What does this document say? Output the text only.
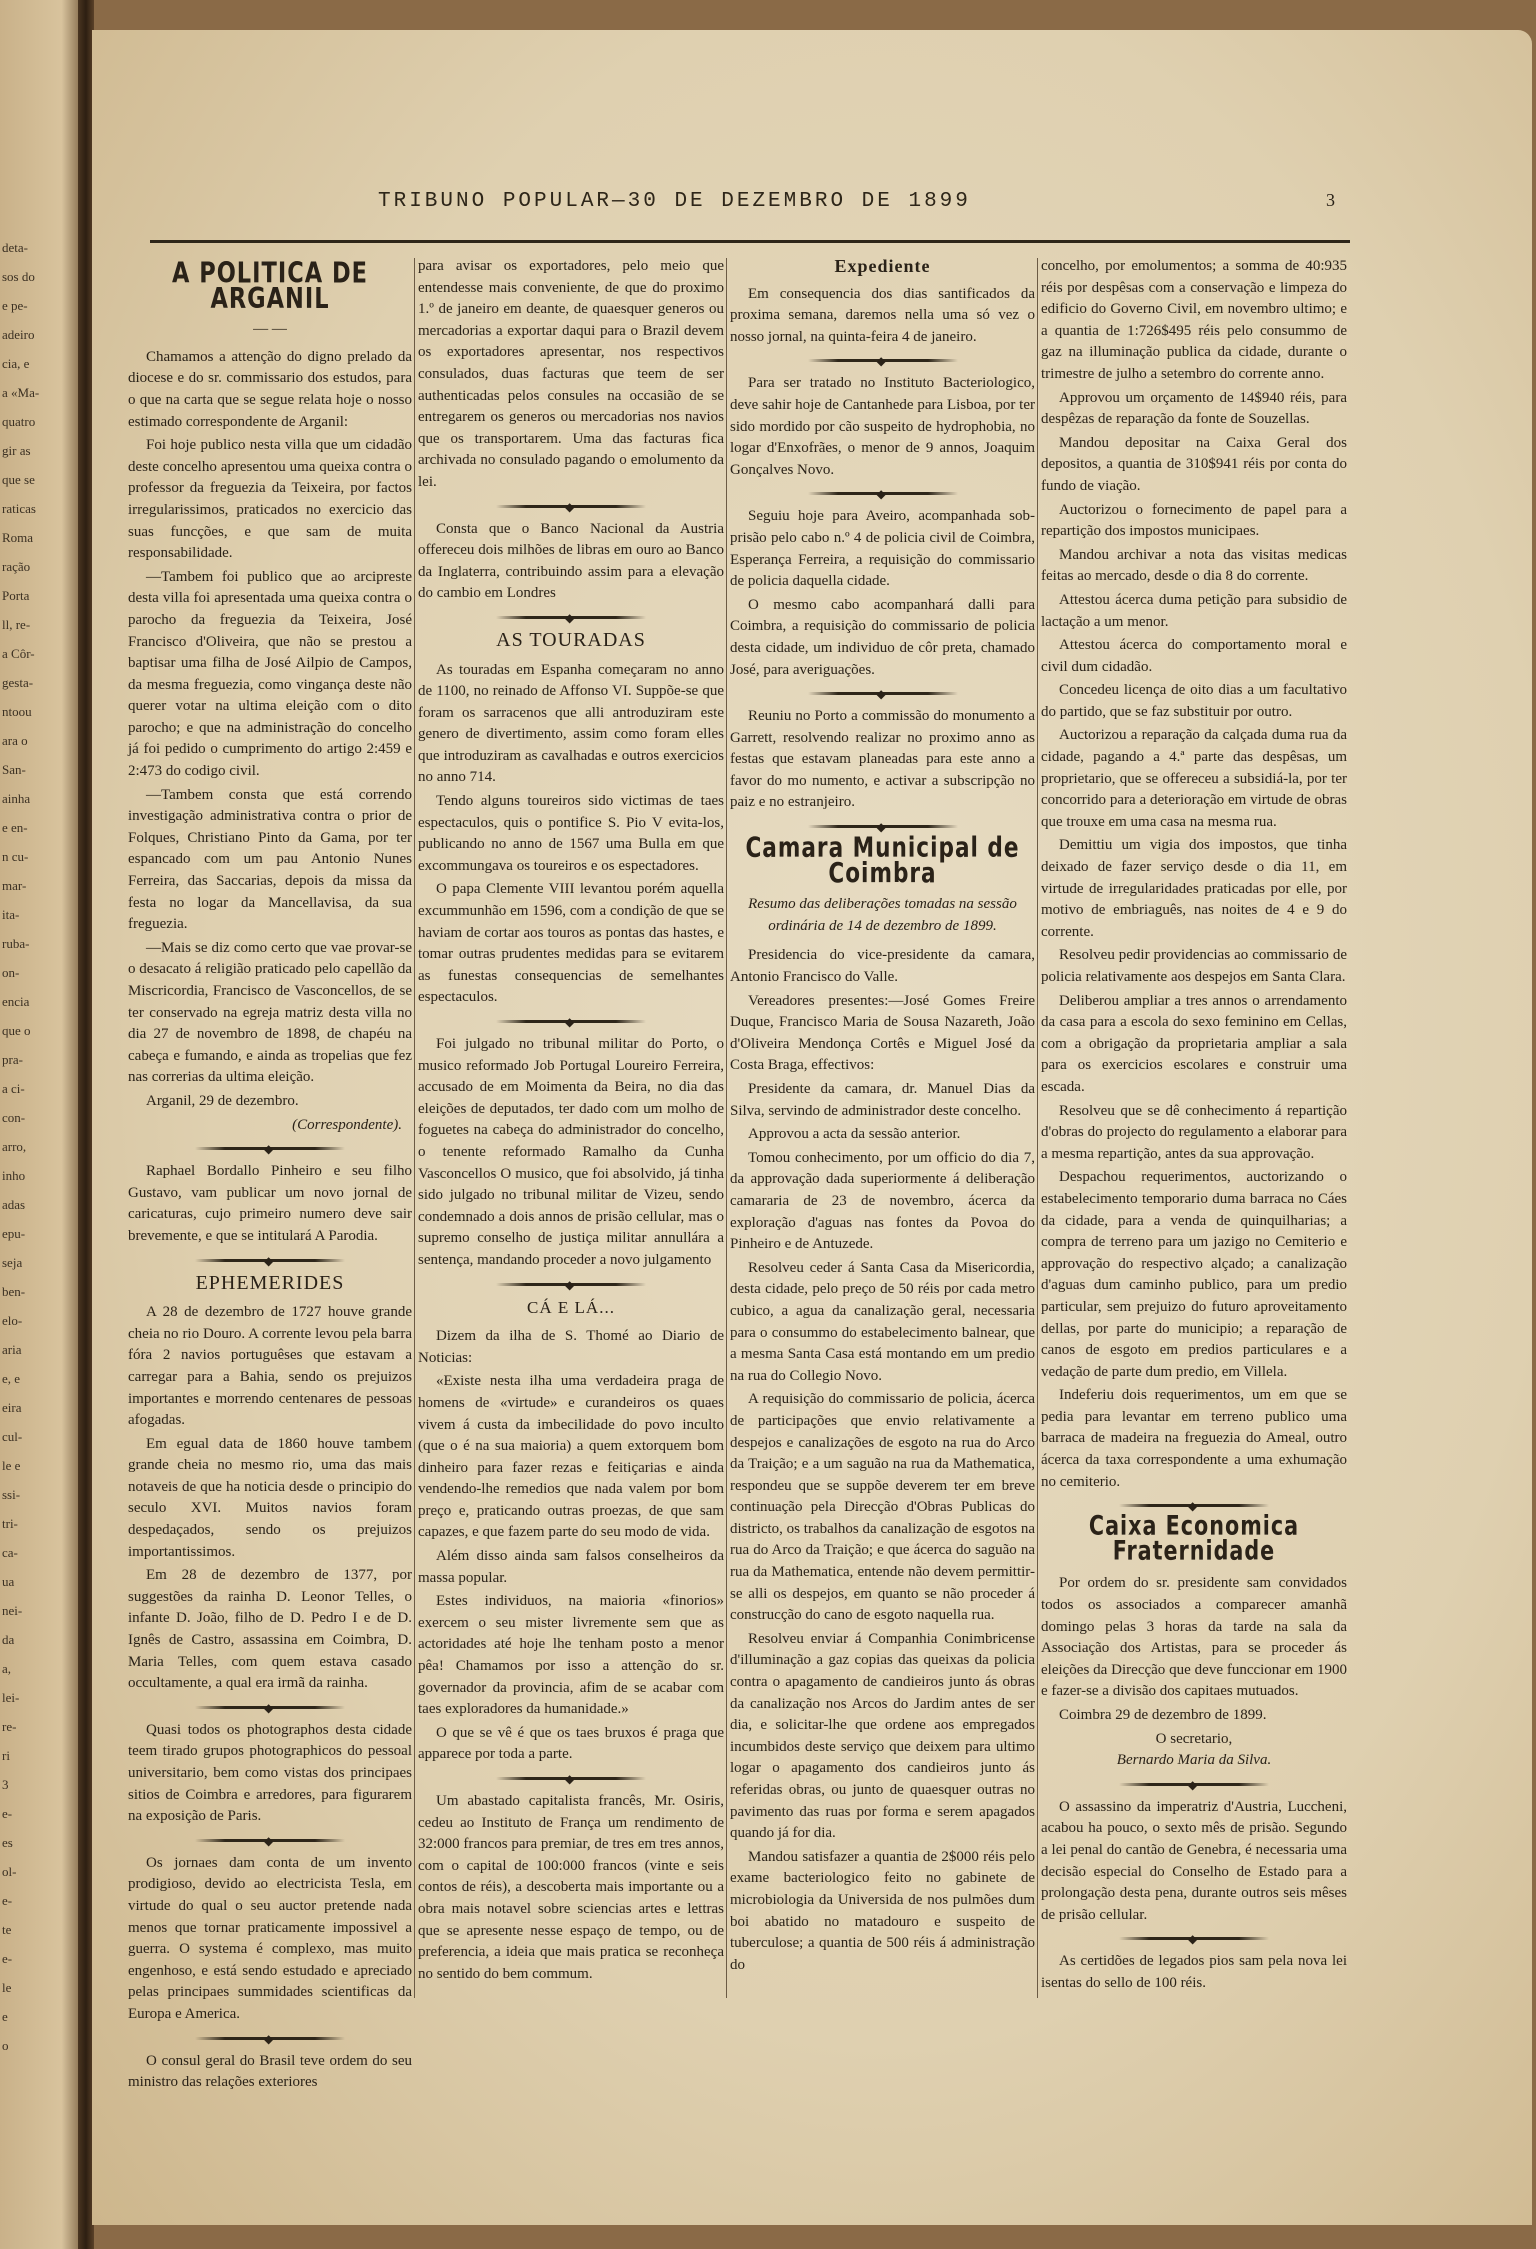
deta-
sos do
e pe-
adeiro
cia, e
a «Ma-
quatro
gir as
que se
raticas
Roma
ração
Porta
ll, re-
a Côr-
gesta-
ntoou
ara o
San-
ainha
e en-
n cu-
mar-
ita-
ruba-
on-
encia
que o
pra-
a ci-
con-
arro,
inho
adas
epu-
seja
ben-
elo-
aria
e, e
eira
cul-
le e
ssi-
tri-
ca-
ua
nei-
da
a,
lei-
re-
ri
3
e-
es
ol-
e-
te
e-
le
e
o
TRIBUNO POPULAR—30 DE DEZEMBRO DE 1899	3
A POLITICA DE ARGANIL
— —

Chamamos a attenção do digno prelado da diocese e do sr. commissario dos estudos, para o que na carta que se segue relata hoje o nosso estimado correspondente de Arganil:

Foi hoje publico nesta villa que um cidadão deste concelho apresentou uma queixa contra o professor da freguezia da Teixeira, por factos irregularissimos, praticados no exercicio das suas funcções, e que sam de muita responsabilidade.

—Tambem foi publico que ao arcipreste desta villa foi apresentada uma queixa contra o parocho da freguezia da Teixeira, José Francisco d'Oliveira, que não se prestou a baptisar uma filha de José Ailpio de Campos, da mesma freguezia, como vingança deste não querer votar na ultima eleição com o dito parocho; e que na administração do concelho já foi pedido o cumprimento do artigo 2:459 e 2:473 do codigo civil.

—Tambem consta que está correndo investigação administrativa contra o prior de Folques, Christiano Pinto da Gama, por ter espancado com um pau Antonio Nunes Ferreira, das Saccarias, depois da missa da festa no logar da Mancellavisa, da sua freguezia.

—Mais se diz como certo que vae provar-se o desacato á religião praticado pelo capellão da Miscricordia, Francisco de Vasconcellos, de se ter conservado na egreja matriz desta villa no dia 27 de novembro de 1898, de chapéu na cabeça e fumando, e ainda as tropelias que fez nas correrias da ultima eleição.

Arganil, 29 de dezembro.

(Correspondente).
◆

Raphael Bordallo Pinheiro e seu filho Gustavo, vam publicar um novo jornal de caricaturas, cujo primeiro numero deve sair brevemente, e que se intitulará A Parodia.

◆
EPHEMERIDES

A 28 de dezembro de 1727 houve grande cheia no rio Douro. A corrente levou pela barra fóra 2 navios portuguêses que estavam a carregar para a Bahia, sendo os prejuizos importantes e morrendo centenares de pessoas afogadas.

Em egual data de 1860 houve tambem grande cheia no mesmo rio, uma das mais notaveis de que ha noticia desde o principio do seculo XVI. Muitos navios foram despedaçados, sendo os prejuizos importantissimos.

Em 28 de dezembro de 1377, por suggestões da rainha D. Leonor Telles, o infante D. João, filho de D. Pedro I e de D. Ignês de Castro, assassina em Coimbra, D. Maria Telles, com quem estava casado occultamente, a qual era irmã da rainha.

◆

Quasi todos os photographos desta cidade teem tirado grupos photographicos do pessoal universitario, bem como vistas dos principaes sitios de Coimbra e arredores, para figurarem na exposição de Paris.

◆

Os jornaes dam conta de um invento prodigioso, devido ao electricista Tesla, em virtude do qual o seu auctor pretende nada menos que tornar praticamente impossivel a guerra. O systema é complexo, mas muito engenhoso, e está sendo estudado e apreciado pelas principaes summidades scientificas da Europa e America.

◆

O consul geral do Brasil teve ordem do seu ministro das relações exteriores

para avisar os exportadores, pelo meio que entendesse mais conveniente, de que do proximo 1.º de janeiro em deante, de quaesquer generos ou mercadorias a exportar daqui para o Brazil devem os exportadores apresentar, nos respectivos consulados, duas facturas que teem de ser authenticadas pelos consules na occasião de se entregarem os generos ou mercadorias nos navios que os transportarem. Uma das facturas fica archivada no consulado pagando o emolumento da lei.

◆

Consta que o Banco Nacional da Austria offereceu dois milhões de libras em ouro ao Banco da Inglaterra, contribuindo assim para a elevação do cambio em Londres

◆
AS TOURADAS

As touradas em Espanha começaram no anno de 1100, no reinado de Affonso VI. Suppõe-se que foram os sarracenos que alli antroduziram este genero de divertimento, assim como foram elles que introduziram as cavalhadas e outros exercicios no anno 714.

Tendo alguns toureiros sido victimas de taes espectaculos, quis o pontifice S. Pio V evita-los, publicando no anno de 1567 uma Bulla em que excommungava os toureiros e os espectadores.

O papa Clemente VIII levantou porém aquella excummunhão em 1596, com a condição de que se haviam de cortar aos touros as pontas das hastes, e tomar outras prudentes medidas para se evitarem as funestas consequencias de semelhantes espectaculos.

◆

Foi julgado no tribunal militar do Porto, o musico reformado Job Portugal Loureiro Ferreira, accusado de em Moimenta da Beira, no dia das eleições de deputados, ter dado com um molho de foguetes na cabeça do administrador do concelho, o tenente reformado Ramalho da Cunha Vasconcellos O musico, que foi absolvido, já tinha sido julgado no tribunal militar de Vizeu, sendo condemnado a dois annos de prisão cellular, mas o supremo conselho de justiça militar annullára a sentença, mandando proceder a novo julgamento

◆
CÁ E LÁ...

Dizem da ilha de S. Thomé ao Diario de Noticias:

«Existe nesta ilha uma verdadeira praga de homens de «virtude» e curandeiros os quaes vivem á custa da imbecilidade do povo inculto (que o é na sua maioria) a quem extorquem bom dinheiro para fazer rezas e feitiçarias e ainda vendendo-lhe remedios que nada valem por bom preço e, praticando outras proezas, de que sam capazes, e que fazem parte do seu modo de vida.

Além disso ainda sam falsos conselheiros da massa popular.

Estes individuos, na maioria «finorios» exercem o seu mister livremente sem que as actoridades até hoje lhe tenham posto a menor pêa! Chamamos por isso a attenção do sr. governador da provincia, afim de se acabar com taes exploradores da humanidade.»

O que se vê é que os taes bruxos é praga que apparece por toda a parte.

◆

Um abastado capitalista francês, Mr. Osiris, cedeu ao Instituto de França um rendimento de 32:000 francos para premiar, de tres em tres annos, com o capital de 100:000 francos (vinte e seis contos de réis), a descoberta mais importante ou a obra mais notavel sobre sciencias artes e lettras que se apresente nesse espaço de tempo, ou de preferencia, a ideia que mais pratica se reconheça no sentido do bem commum.

Expediente

Em consequencia dos dias santificados da proxima semana, daremos nella uma só vez o nosso jornal, na quinta-feira 4 de janeiro.

◆

Para ser tratado no Instituto Bacteriologico, deve sahir hoje de Cantanhede para Lisboa, por ter sido mordido por cão suspeito de hydrophobia, no logar d'Enxofrães, o menor de 9 annos, Joaquim Gonçalves Novo.

◆

Seguiu hoje para Aveiro, acompanhada sob-prisão pelo cabo n.º 4 de policia civil de Coimbra, Esperança Ferreira, a requisição do commissario de policia daquella cidade.

O mesmo cabo acompanhará dalli para Coimbra, a requisição do commissario de policia desta cidade, um individuo de côr preta, chamado José, para averiguações.

◆

Reuniu no Porto a commissão do monumento a Garrett, resolvendo realizar no proximo anno as festas que estavam planeadas para este anno a favor do mo numento, e activar a subscripção no paiz e no estranjeiro.

◆
Camara Municipal de Coimbra
Resumo das deliberações tomadas na sessão ordinária de 14 de dezembro de 1899.

Presidencia do vice-presidente da camara, Antonio Francisco do Valle.

Vereadores presentes:—José Gomes Freire Duque, Francisco Maria de Sousa Nazareth, João d'Oliveira Mendonça Cortês e Miguel José da Costa Braga, effectivos:

Presidente da camara, dr. Manuel Dias da Silva, servindo de administrador deste concelho.

Approvou a acta da sessão anterior.

Tomou conhecimento, por um officio do dia 7, da approvação dada superiormente á deliberação camararia de 23 de novembro, ácerca da exploração d'aguas nas fontes da Povoa do Pinheiro e de Antuzede.

Resolveu ceder á Santa Casa da Misericordia, desta cidade, pelo preço de 50 réis por cada metro cubico, a agua da canalização geral, necessaria para o consummo do estabelecimento balnear, que a mesma Santa Casa está montando em um predio na rua do Collegio Novo.

A requisição do commissario de policia, ácerca de participações que envio relativamente a despejos e canalizações de esgoto na rua do Arco da Traição; e a um saguão na rua da Mathematica, respondeu que se suppõe deverem ter em breve continuação pela Direcção d'Obras Publicas do districto, os trabalhos da canalização de esgotos na rua do Arco da Traição; e que ácerca do saguão na rua da Mathematica, entende não devem permittir-se alli os despejos, em quanto se não proceder á construcção do cano de esgoto naquella rua.

Resolveu enviar á Companhia Conimbricense d'illuminação a gaz copias das queixas da policia contra o apagamento de candieiros junto ás obras da canalização nos Arcos do Jardim antes de ser dia, e solicitar-lhe que ordene aos empregados incumbidos deste serviço que deixem para ultimo logar o apagamento dos candieiros junto ás referidas obras, ou junto de quaesquer outras no pavimento das ruas por forma e serem apagados quando já for dia.

Mandou satisfazer a quantia de 2$000 réis pelo exame bacteriologico feito no gabinete de microbiologia da Universida de nos pulmões dum boi abatido no matadouro e suspeito de tuberculose; a quantia de 500 réis á administração do

concelho, por emolumentos; a somma de 40:935 réis por despêsas com a conservação e limpeza do edificio do Governo Civil, em novembro ultimo; e a quantia de 1:726$495 réis pelo consummo de gaz na illuminação publica da cidade, durante o trimestre de julho a setembro do corrente anno.

Approvou um orçamento de 14$940 réis, para despêzas de reparação da fonte de Souzellas.

Mandou depositar na Caixa Geral dos depositos, a quantia de 310$941 réis por conta do fundo de viação.

Auctorizou o fornecimento de papel para a repartição dos impostos municipaes.

Mandou archivar a nota das visitas medicas feitas ao mercado, desde o dia 8 do corrente.

Attestou ácerca duma petição para subsidio de lactação a um menor.

Attestou ácerca do comportamento moral e civil dum cidadão.

Concedeu licença de oito dias a um facultativo do partido, que se faz substituir por outro.

Auctorizou a reparação da calçada duma rua da cidade, pagando a 4.ª parte das despêsas, um proprietario, que se offereceu a subsidiá-la, por ter concorrido para a deterioração em virtude de obras que trouxe em uma casa na mesma rua.

Demittiu um vigia dos impostos, que tinha deixado de fazer serviço desde o dia 11, em virtude de irregularidades praticadas por elle, por motivo de embriaguês, nas noites de 4 e 9 do corrente.

Resolveu pedir providencias ao commissario de policia relativamente aos despejos em Santa Clara.

Deliberou ampliar a tres annos o arrendamento da casa para a escola do sexo feminino em Cellas, com a obrigação da proprietaria ampliar a sala para os exercicios escolares e construir uma escada.

Resolveu que se dê conhecimento á repartição d'obras do projecto do regulamento a elaborar para a mesma repartição, antes da sua approvação.

Despachou requerimentos, auctorizando o estabelecimento temporario duma barraca no Cáes da cidade, para a venda de quinquilharias; a compra de terreno para um jazigo no Cemiterio e approvação do respectivo alçado; a canalização d'aguas dum caminho publico, para um predio particular, sem prejuizo do futuro aproveitamento dellas, por parte do municipio; a reparação de canos de esgoto em predios particulares e a vedação de parte dum predio, em Villela.

Indeferiu dois requerimentos, um em que se pedia para levantar em terreno publico uma barraca de madeira na freguezia do Ameal, outro ácerca da taxa correspondente a uma exhumação no cemiterio.

◆
Caixa Economica Fraternidade

Por ordem do sr. presidente sam convidados todos os associados a comparecer amanhã domingo pelas 3 horas da tarde na sala da Associação dos Artistas, para se proceder ás eleições da Direcção que deve funccionar em 1900 e fazer-se a divisão dos capitaes mutuados.

Coimbra 29 de dezembro de 1899.

O secretario,
Bernardo Maria da Silva.
◆

O assassino da imperatriz d'Austria, Luccheni, acabou ha pouco, o sexto mês de prisão. Segundo a lei penal do cantão de Genebra, é necessaria uma decisão especial do Conselho de Estado para a prolongação desta pena, durante outros seis mêses de prisão cellular.

◆

As certidões de legados pios sam pela nova lei isentas do sello de 100 réis.
